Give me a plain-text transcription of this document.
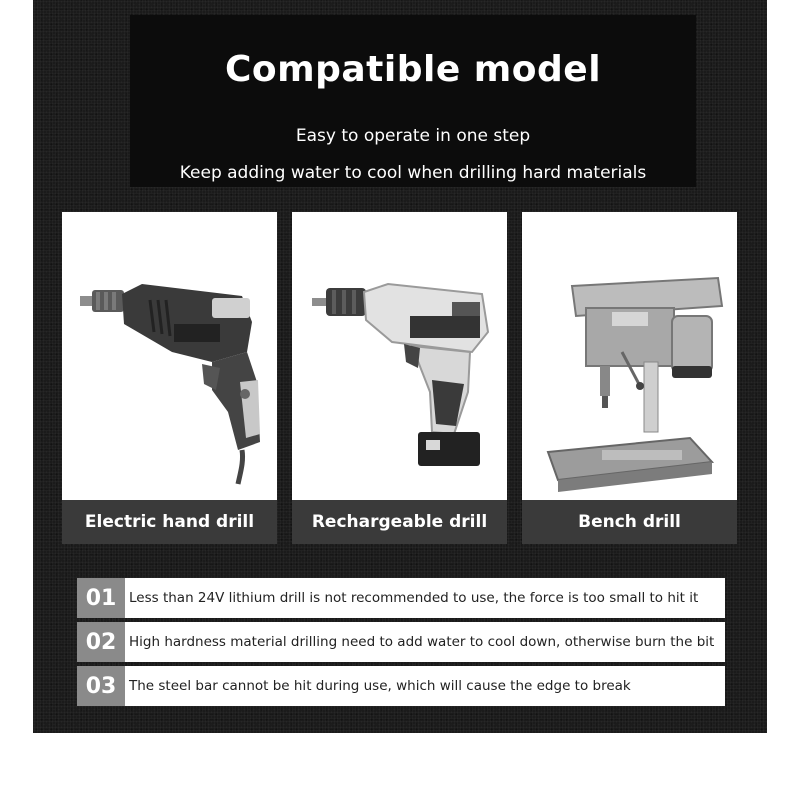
Compatible model
Easy to operate in one step
Keep adding water to cool when drilling hard materials
Electric hand drill	Rechargeable drill	Bench drill
01 Less than 24V lithium drill is not recommended to use, the force is too small to hit it
02 High hardness material drilling need to add water to cool down, otherwise burn the bit
03 The steel bar cannot be hit during use, which will cause the edge to break
